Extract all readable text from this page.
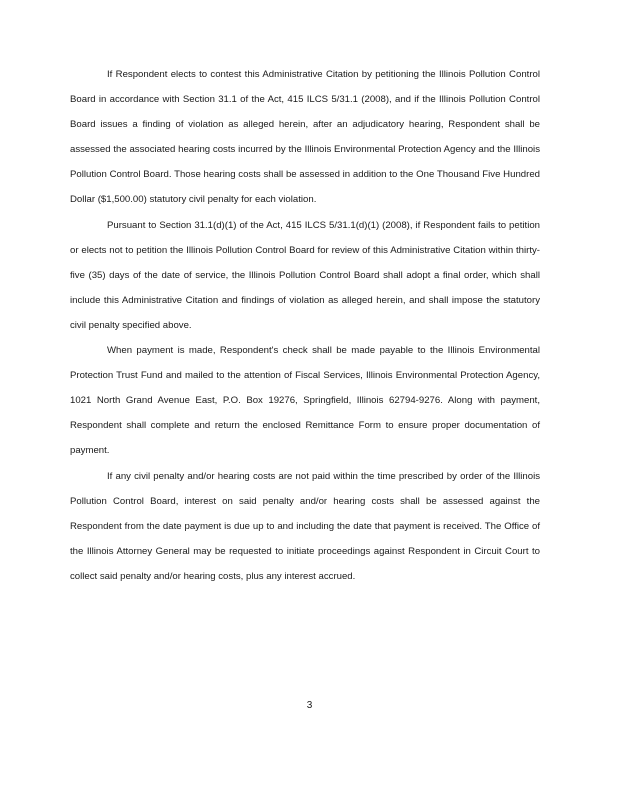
If Respondent elects to contest this Administrative Citation by petitioning the Illinois Pollution Control Board in accordance with Section 31.1 of the Act, 415 ILCS 5/31.1 (2008), and if the Illinois Pollution Control Board issues a finding of violation as alleged herein, after an adjudicatory hearing, Respondent shall be assessed the associated hearing costs incurred by the Illinois Environmental Protection Agency and the Illinois Pollution Control Board. Those hearing costs shall be assessed in addition to the One Thousand Five Hundred Dollar ($1,500.00) statutory civil penalty for each violation.

Pursuant to Section 31.1(d)(1) of the Act, 415 ILCS 5/31.1(d)(1) (2008), if Respondent fails to petition or elects not to petition the Illinois Pollution Control Board for review of this Administrative Citation within thirty-five (35) days of the date of service, the Illinois Pollution Control Board shall adopt a final order, which shall include this Administrative Citation and findings of violation as alleged herein, and shall impose the statutory civil penalty specified above.

When payment is made, Respondent's check shall be made payable to the Illinois Environmental Protection Trust Fund and mailed to the attention of Fiscal Services, Illinois Environmental Protection Agency, 1021 North Grand Avenue East, P.O. Box 19276, Springfield, Illinois 62794-9276. Along with payment, Respondent shall complete and return the enclosed Remittance Form to ensure proper documentation of payment.

If any civil penalty and/or hearing costs are not paid within the time prescribed by order of the Illinois Pollution Control Board, interest on said penalty and/or hearing costs shall be assessed against the Respondent from the date payment is due up to and including the date that payment is received. The Office of the Illinois Attorney General may be requested to initiate proceedings against Respondent in Circuit Court to collect said penalty and/or hearing costs, plus any interest accrued.

3
